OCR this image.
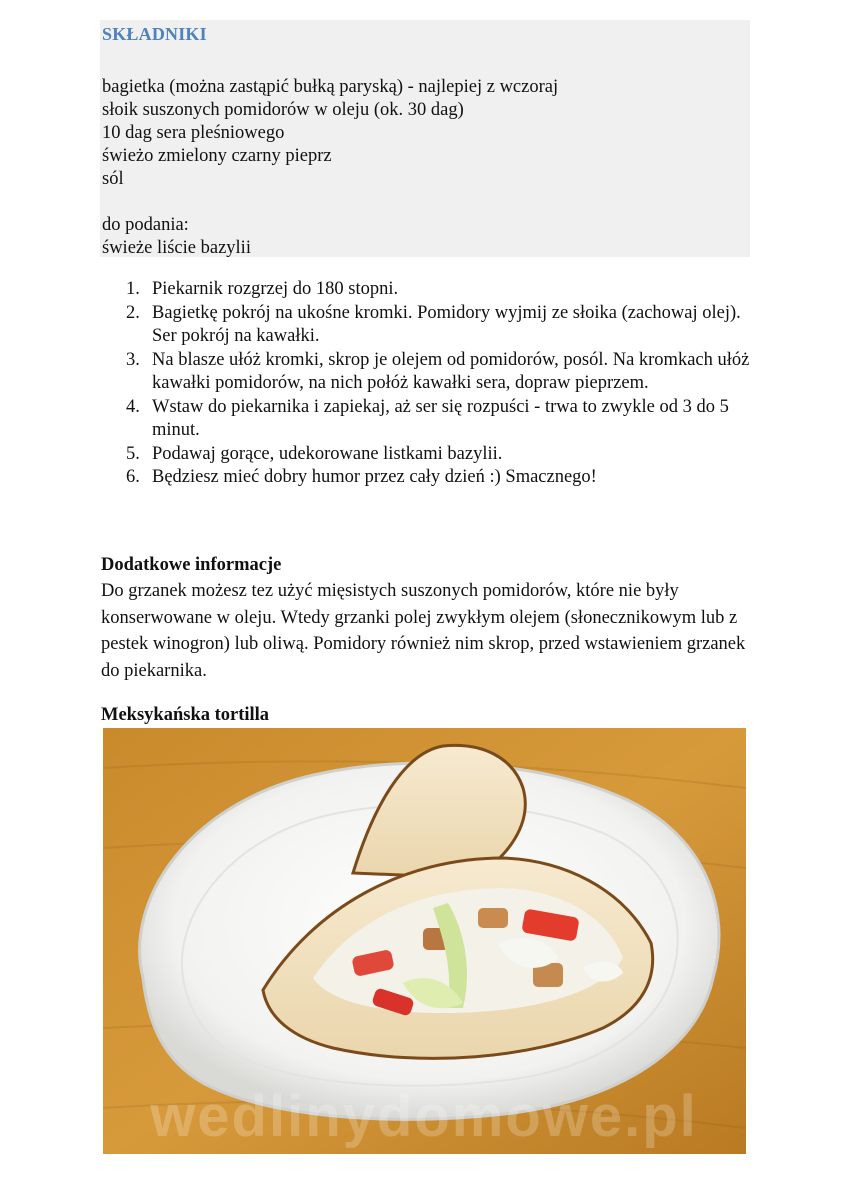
SKŁADNIKI
bagietka (można zastąpić bułką paryską) - najlepiej z wczoraj
słoik suszonych pomidorów w oleju (ok. 30 dag)
10 dag sera pleśniowego
świeżo zmielony czarny pieprz
sól
do podania:
świeże liście bazylii
1. Piekarnik rozgrzej do 180 stopni.
2. Bagietkę pokrój na ukośne kromki. Pomidory wyjmij ze słoika (zachowaj olej). Ser pokrój na kawałki.
3. Na blasze ułóż kromki, skrop je olejem od pomidorów, posól. Na kromkach ułóż kawałki pomidorów, na nich połóż kawałki sera, dopraw pieprzem.
4. Wstaw do piekarnika i zapiekaj, aż ser się rozpuści - trwa to zwykle od 3 do 5 minut.
5. Podawaj gorące, udekorowane listkami bazylii.
6. Będziesz mieć dobry humor przez cały dzień :) Smacznego!
Dodatkowe informacje
Do grzanek możesz tez użyć mięsistych suszonych pomidorów, które nie były konserwowane w oleju. Wtedy grzanki polej zwykłym olejem (słonecznikowym lub z pestek winogron) lub oliwą. Pomidory również nim skrop, przed wstawieniem grzanek do piekarnika.
Meksykańska tortilla
wedlinydomowe.pl
